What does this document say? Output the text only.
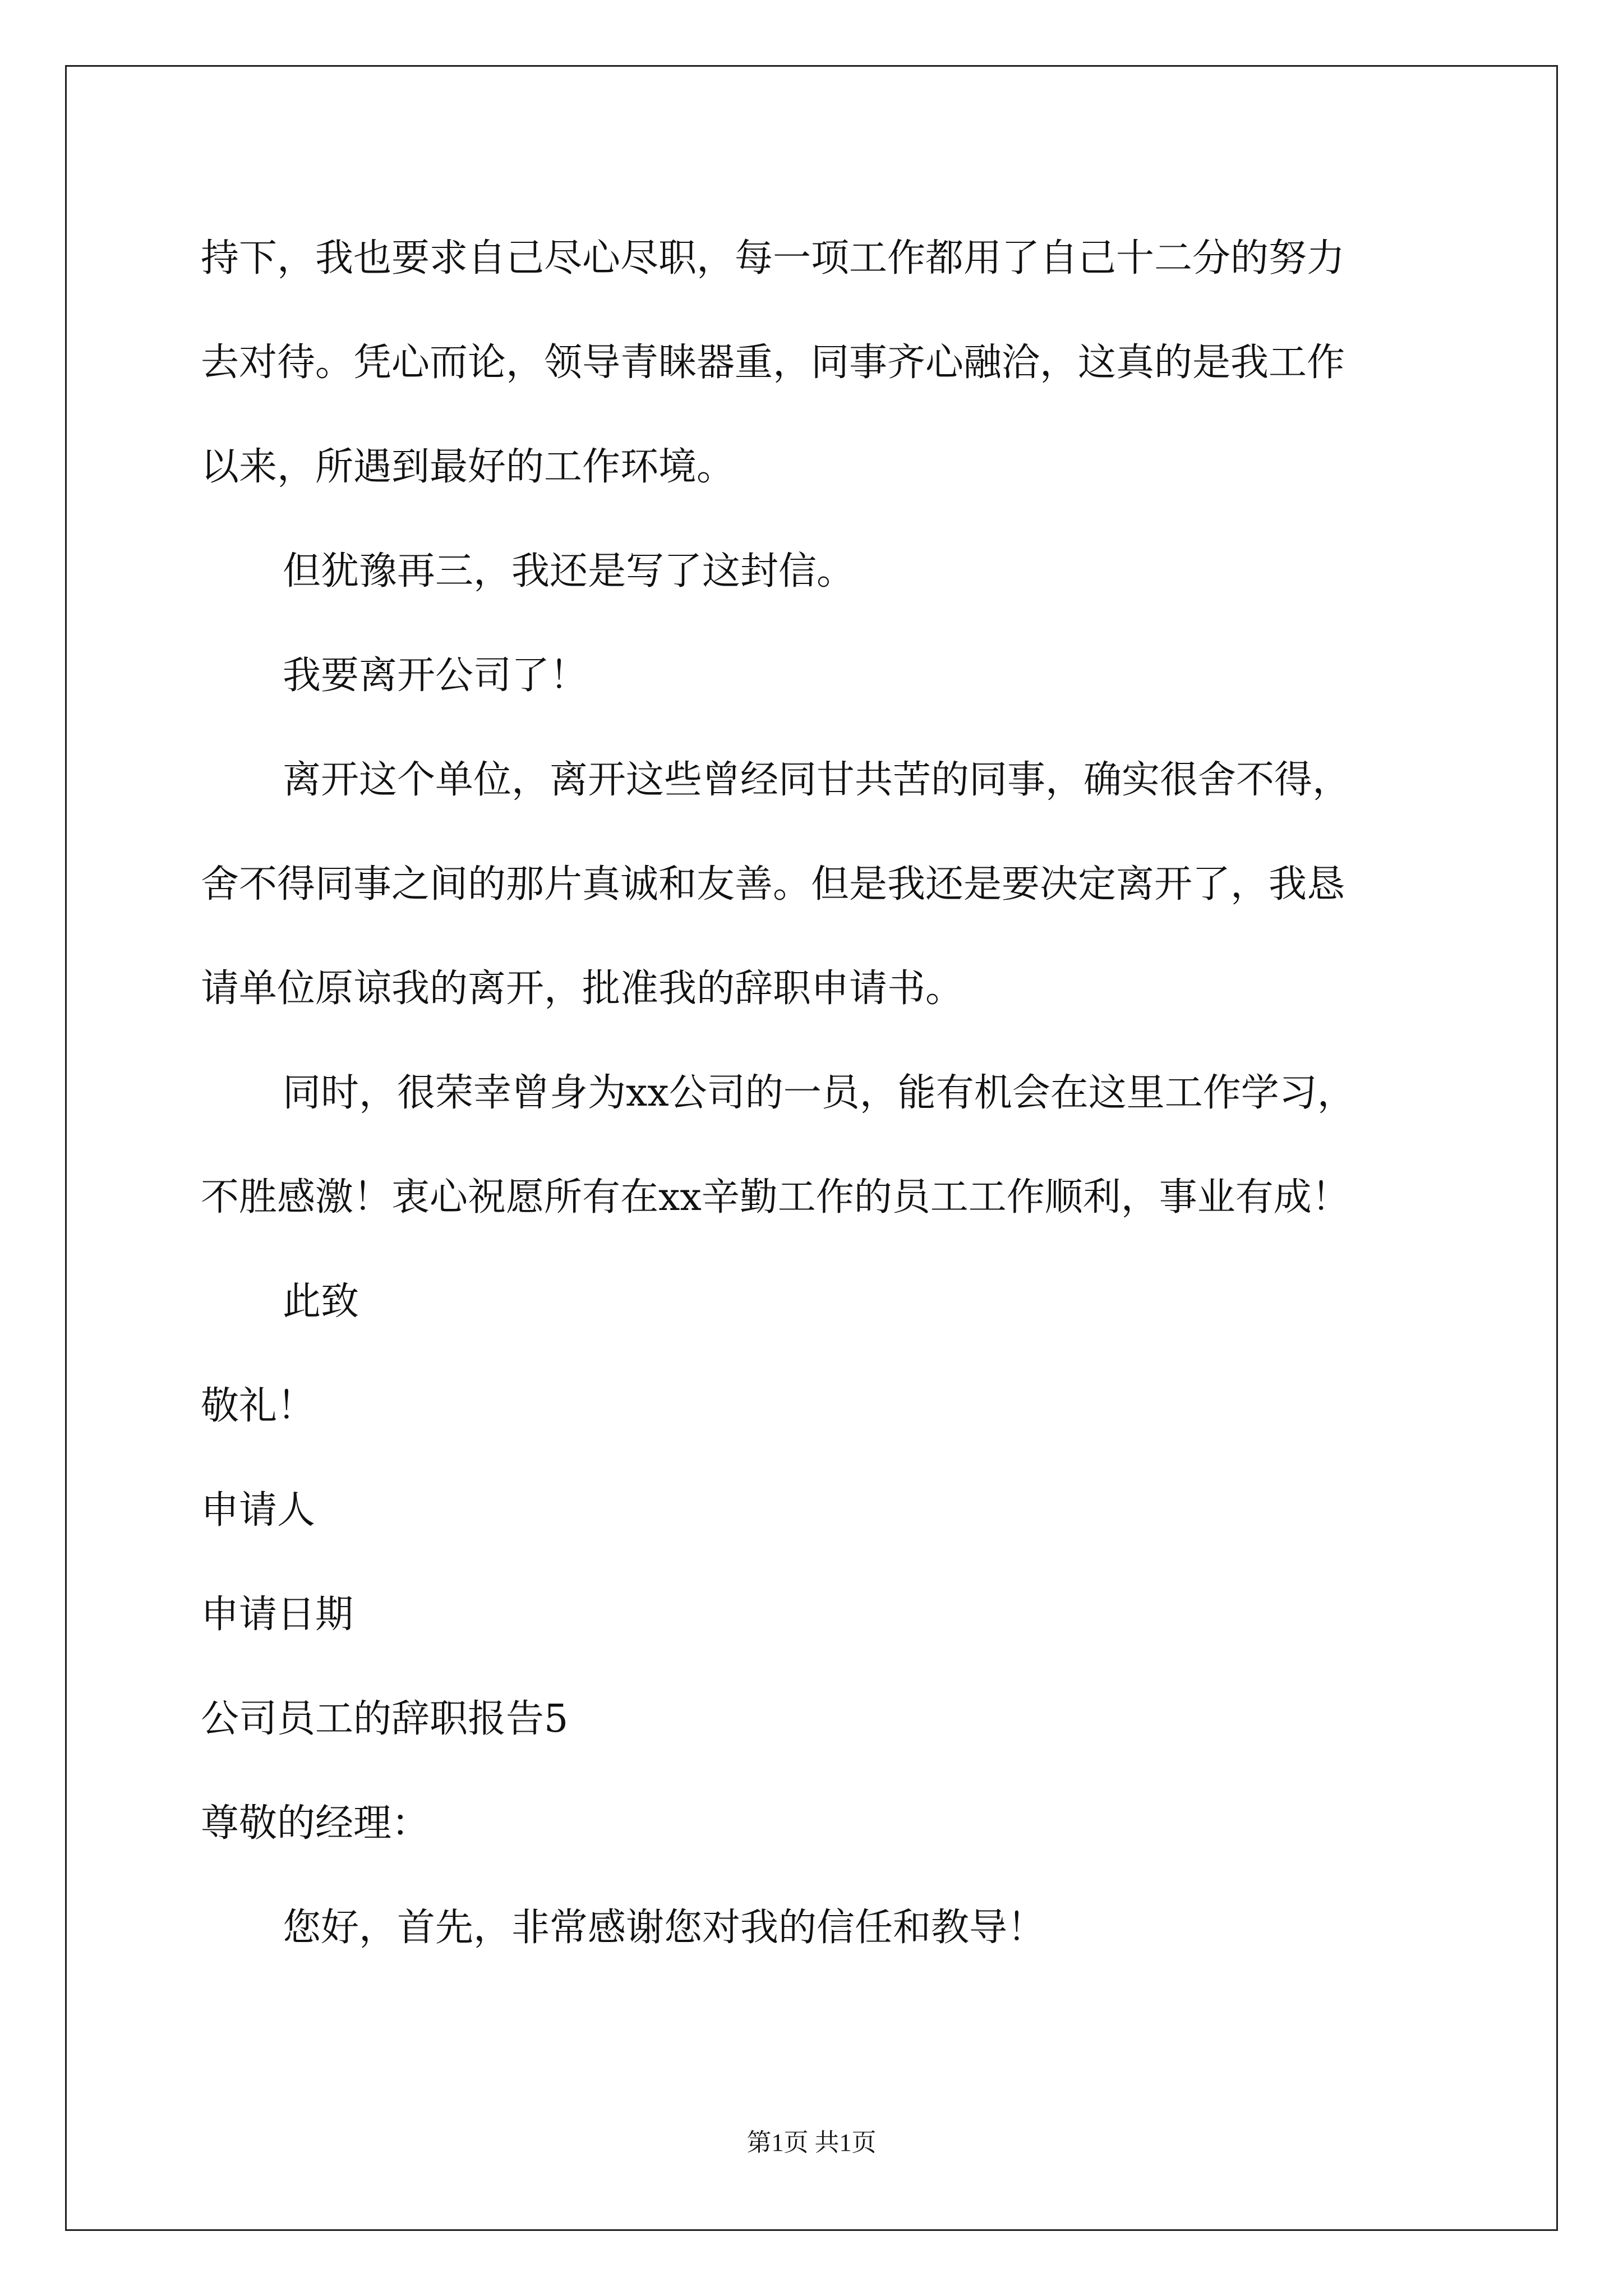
持下，我也要求自己尽心尽职，每一项工作都用了自己十二分的努力
去对待。凭心而论，领导青睐器重，同事齐心融洽，这真的是我工作
以来，所遇到最好的工作环境。
但犹豫再三，我还是写了这封信。
我要离开公司了！
离开这个单位，离开这些曾经同甘共苦的同事，确实很舍不得，
舍不得同事之间的那片真诚和友善。但是我还是要决定离开了，我恳
请单位原谅我的离开，批准我的辞职申请书。
同时，很荣幸曾身为xx公司的一员，能有机会在这里工作学习，
不胜感激！衷心祝愿所有在xx辛勤工作的员工工作顺利，事业有成！
此致
敬礼！
申请人
申请日期
公司员工的辞职报告5
尊敬的经理：
您好，首先，非常感谢您对我的信任和教导！
第1页 共1页
